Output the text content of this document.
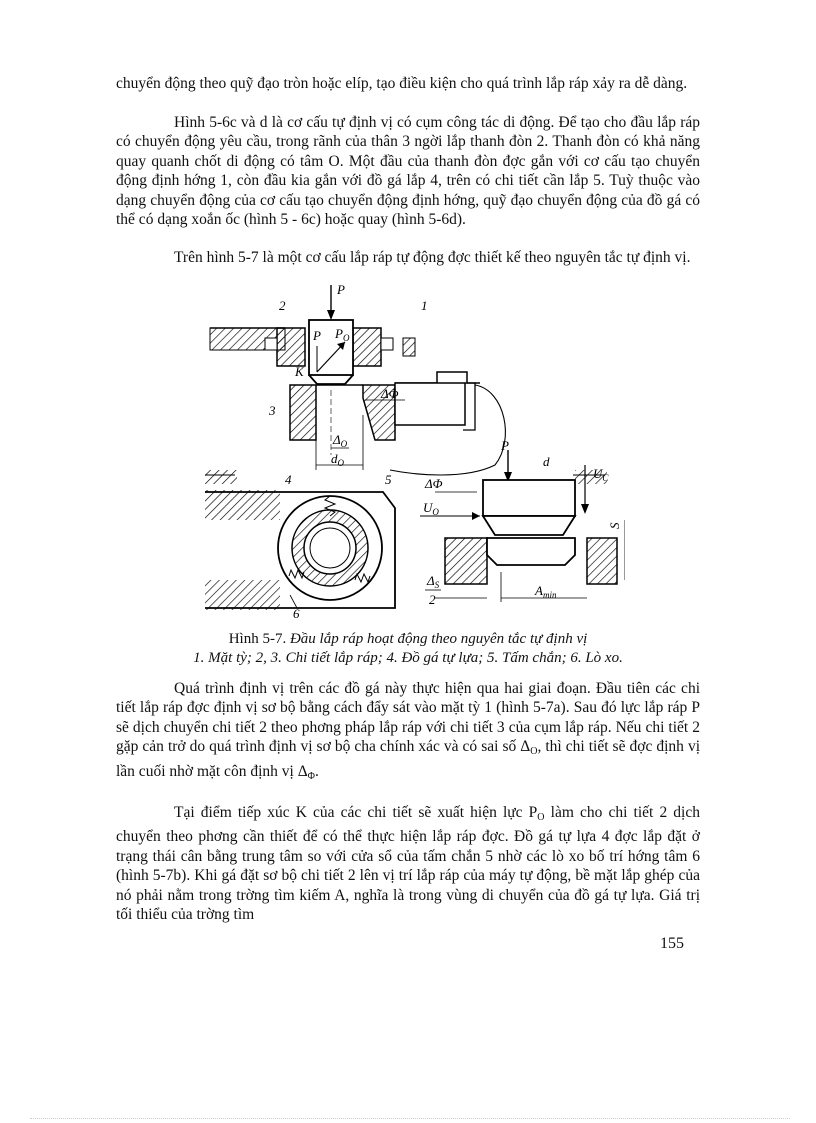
chuyển động theo quỹ đạo tròn hoặc elíp, tạo điều kiện cho quá trình lắp ráp xảy ra dễ dàng.

Hình 5-6c và d là cơ cấu tự định vị có cụm công tác di động. Để tạo cho đầu lắp ráp có chuyển động yêu cầu, trong rãnh của thân 3 ngời lắp thanh đòn 2. Thanh đòn có khả năng quay quanh chốt di động có tâm O. Một đầu của thanh đòn đợc gắn với cơ cấu tạo chuyển động định hớng 1, còn đầu kia gắn với đồ gá lắp 4, trên có chi tiết cần lắp 5. Tuỳ thuộc vào dạng chuyển động của cơ cấu tạo chuyển động định hớng, quỹ đạo chuyển động của đồ gá có thể có dạng xoắn ốc (hình 5 - 6c) hoặc quay (hình 5-6d).

Trên hình 5-7 là một cơ cấu lắp ráp tự động đợc thiết kế theo nguyên tắc tự định vị.

P
2	1
P $P_O$
K
3
ΔΦ
$\Delta_O$
$d_O$
4	5
6
P
d
$U_C$
ΔΦ
$U_O$
$\Delta_S$
2
$A_{min}$
S
Hình 5-7. Đầu lắp ráp hoạt động theo nguyên tắc tự định vị
1. Mặt tỳ; 2, 3. Chi tiết lắp ráp; 4. Đồ gá tự lựa; 5. Tấm chắn; 6. Lò xo.

Quá trình định vị trên các đồ gá này thực hiện qua hai giai đoạn. Đầu tiên các chi tiết lắp ráp đợc định vị sơ bộ bằng cách đẩy sát vào mặt tỳ 1 (hình 5-7a). Sau đó lực lắp ráp P sẽ dịch chuyển chi tiết 2 theo phơng pháp lắp ráp với chi tiết 3 của cụm lắp ráp. Nếu chi tiết 2 gặp cản trở do quá trình định vị sơ bộ cha chính xác và có sai số $\Delta_O$, thì chi tiết sẽ đợc định vị lần cuối nhờ mặt côn định vị $\Delta_\Phi$.

Tại điểm tiếp xúc K của các chi tiết sẽ xuất hiện lực $P_O$ làm cho chi tiết 2 dịch chuyển theo phơng cần thiết để có thể thực hiện lắp ráp đợc. Đồ gá tự lựa 4 đợc lắp đặt ở trạng thái cân bằng trung tâm so với cửa sổ của tấm chắn 5 nhờ các lò xo bố trí hớng tâm 6 (hình 5-7b). Khi gá đặt sơ bộ chi tiết 2 lên vị trí lắp ráp của máy tự động, bề mặt lắp ghép của nó phải nằm trong trờng tìm kiếm A, nghĩa là trong vùng di chuyển của đồ gá tự lựa. Giá trị tối thiểu của trờng tìm

155
